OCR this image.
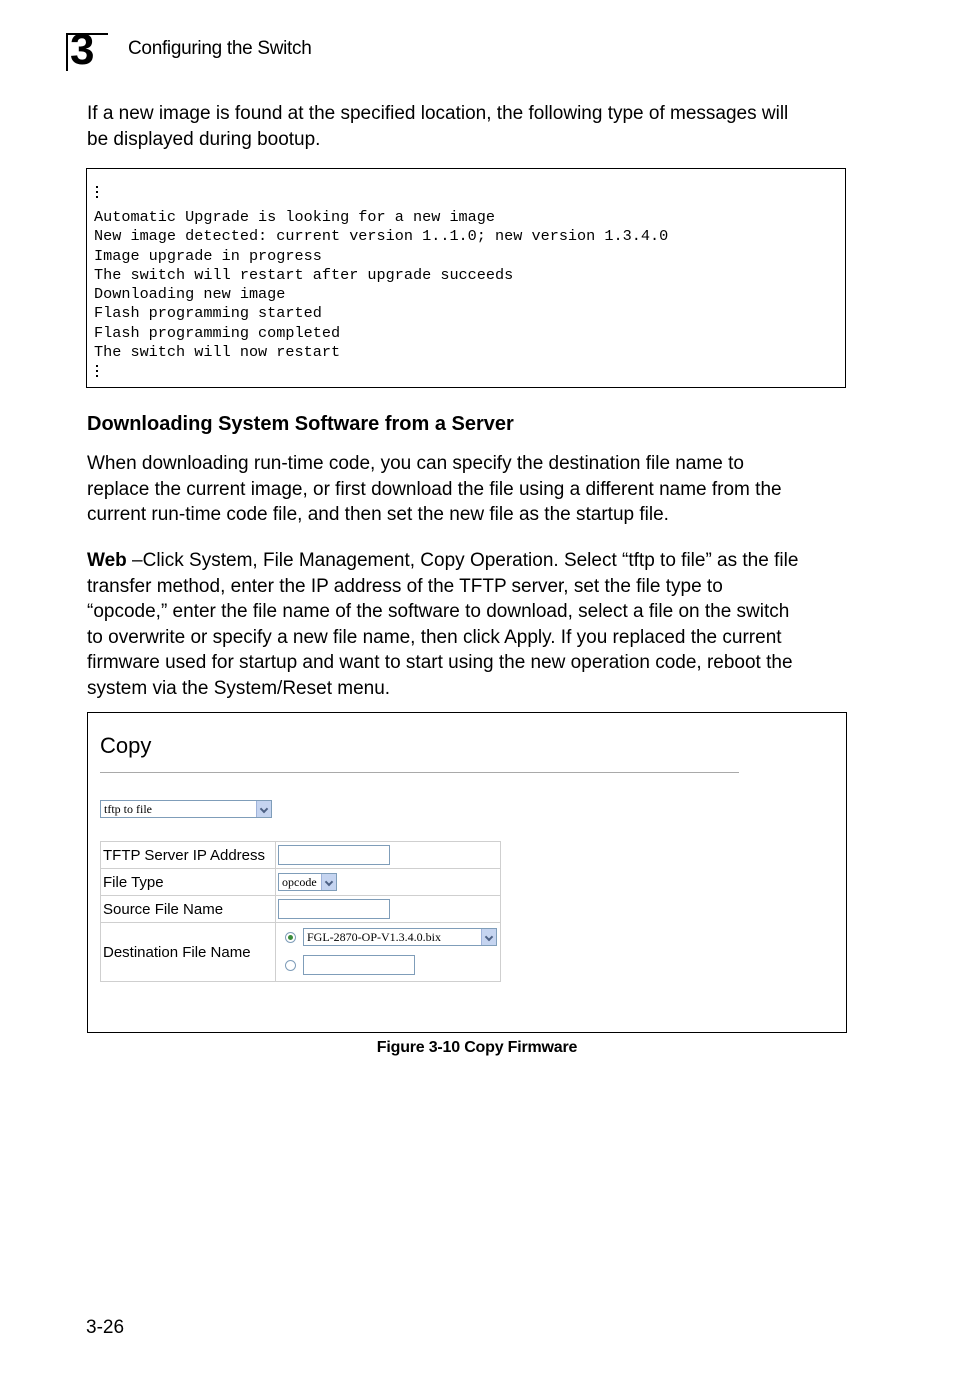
3 Configuring the Switch

If a new image is found at the specified location, the following type of messages will
be displayed during bootup.

Automatic Upgrade is looking for a new image
New image detected: current version 1..1.0; new version 1.3.4.0
Image upgrade in progress
The switch will restart after upgrade succeeds
Downloading new image
Flash programming started
Flash programming completed
The switch will now restart
Downloading System Software from a Server

When downloading run-time code, you can specify the destination file name to
replace the current image, or first download the file using a different name from the
current run-time code file, and then set the new file as the startup file.

Web –Click System, File Management, Copy Operation. Select “tftp to file” as the file
transfer method, enter the IP address of the TFTP server, set the file type to
“opcode,” enter the file name of the software to download, select a file on the switch
to overwrite or specify a new file name, then click Apply. If you replaced the current
firmware used for startup and want to start using the new operation code, reboot the
system via the System/Reset menu.

Copy
tftp to file
TFTP Server IP Address	
File Type	opcode

Source File Name	
Destination File Name	FGL-2870-OP-V1.3.4.0.bix
Figure 3-10 Copy Firmware
3-26
